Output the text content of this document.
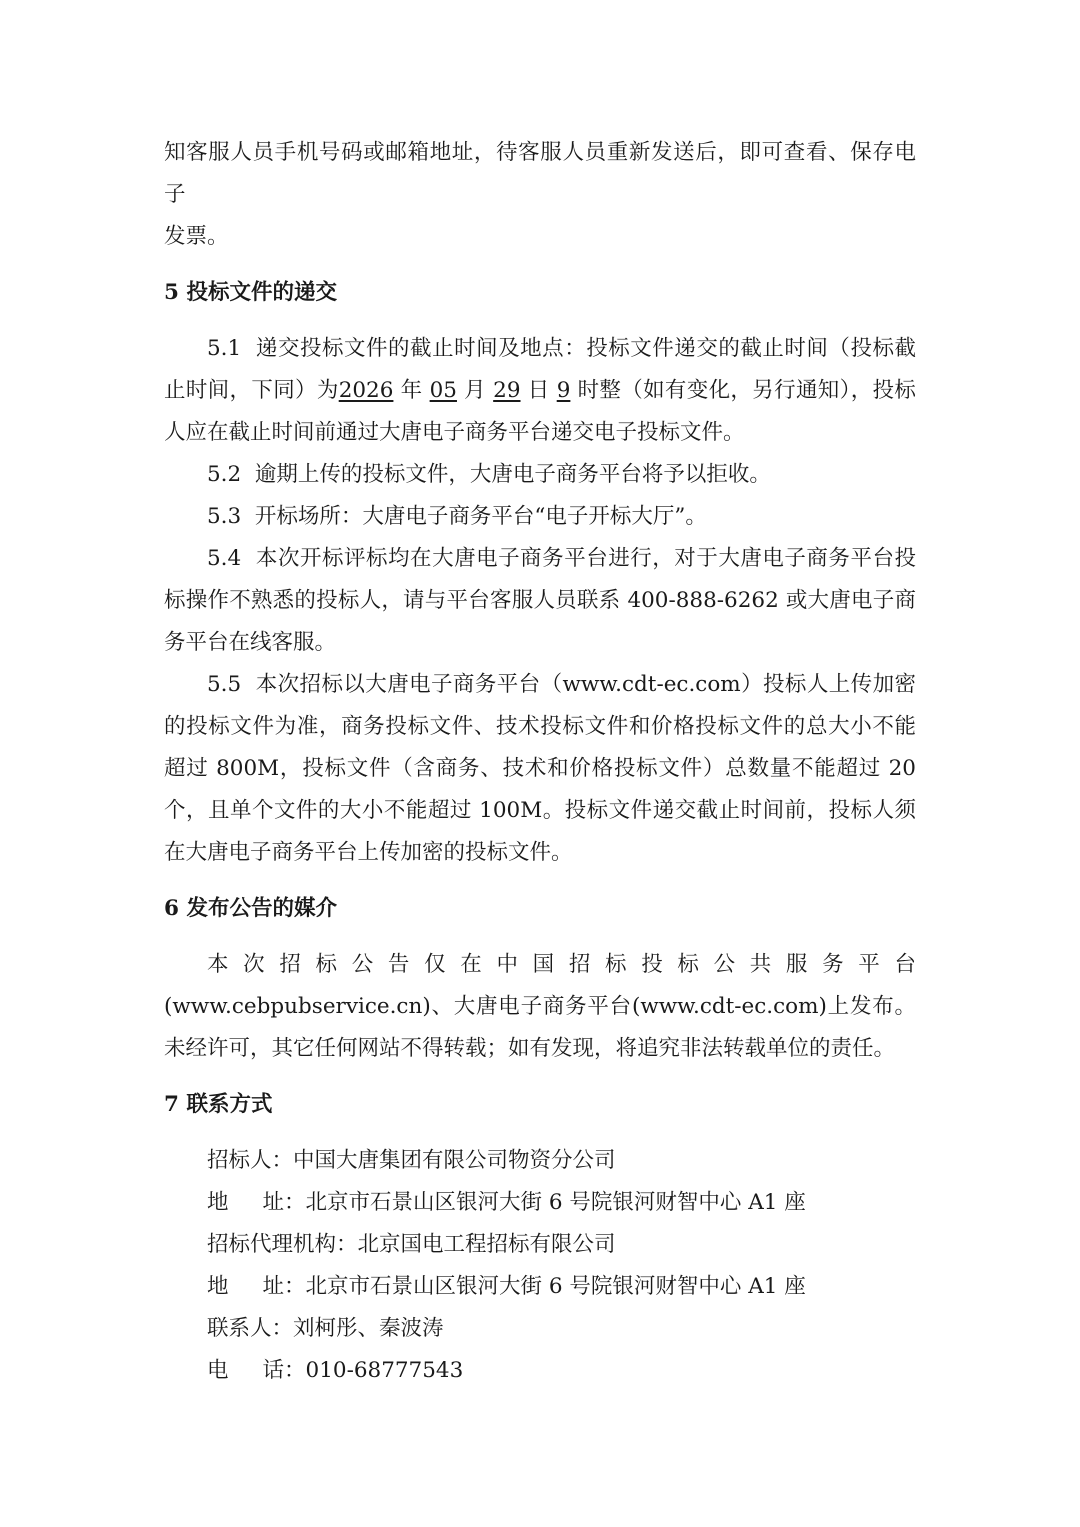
知客服人员手机号码或邮箱地址，待客服人员重新发送后，即可查看、保存电子
发票。

5 投标文件的递交

5.1 递交投标文件的截止时间及地点：投标文件递交的截止时间（投标截止时间，下同）为2026 年 05 月 29 日 9 时整（如有变化，另行通知），投标人应在截止时间前通过大唐电子商务平台递交电子投标文件。

5.2 逾期上传的投标文件，大唐电子商务平台将予以拒收。

5.3 开标场所：大唐电子商务平台“电子开标大厅”。

5.4 本次开标评标均在大唐电子商务平台进行，对于大唐电子商务平台投标操作不熟悉的投标人，请与平台客服人员联系 400-888-6262 或大唐电子商务平台在线客服。

5.5 本次招标以大唐电子商务平台（www.cdt-ec.com）投标人上传加密的投标文件为准，商务投标文件、技术投标文件和价格投标文件的总大小不能超过 800M，投标文件（含商务、技术和价格投标文件）总数量不能超过 20 个，且单个文件的大小不能超过 100M。投标文件递交截止时间前，投标人须在大唐电子商务平台上传加密的投标文件。

6 发布公告的媒介

本次招标公告仅在中国招标投标公共服务平台(www.cebpubservice.cn)、大唐电子商务平台(www.cdt-ec.com)上发布。未经许可，其它任何网站不得转载；如有发现，将追究非法转载单位的责任。

7 联系方式

招标人：中国大唐集团有限公司物资分公司

地 址：北京市石景山区银河大街 6 号院银河财智中心 A1 座

招标代理机构：北京国电工程招标有限公司

地 址：北京市石景山区银河大街 6 号院银河财智中心 A1 座

联系人：刘柯彤、秦波涛

电 话：010-68777543
